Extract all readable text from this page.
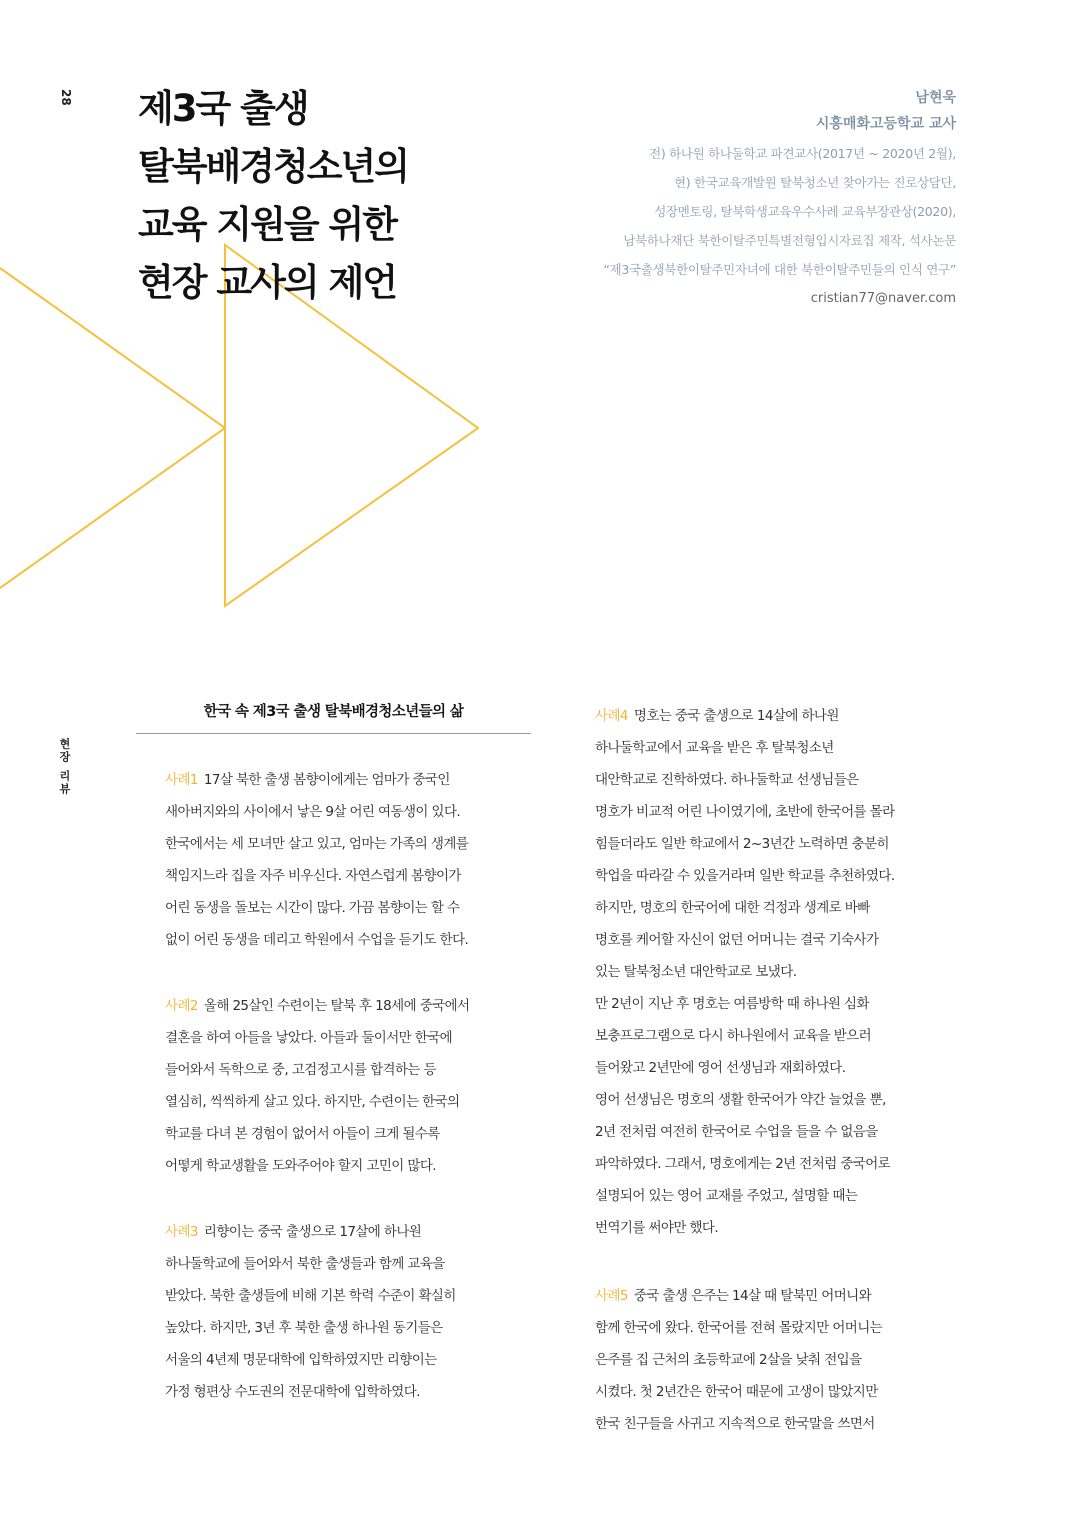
28
현장 리뷰
제3국 출생
탈북배경청소년의
교육 지원을 위한
현장 교사의 제언
남현욱
시흥매화고등학교 교사
전) 하나원 하나둘학교 파견교사(2017년 ~ 2020년 2월),
현) 한국교육개발원 탈북청소년 찾아가는 진로상담단,
성장멘토링, 탈북학생교육우수사례 교육부장관상(2020),
남북하나재단 북한이탈주민특별전형입시자료집 제작, 석사논문
“제3국출생북한이탈주민자녀에 대한 북한이탈주민들의 인식 연구”
cristian77@naver.com
한국 속 제3국 출생 탈북배경청소년들의 삶
사례1 17살 북한 출생 봄향이에게는 엄마가 중국인
새아버지와의 사이에서 낳은 9살 어린 여동생이 있다.
한국에서는 세 모녀만 살고 있고, 엄마는 가족의 생계를
책임지느라 집을 자주 비우신다. 자연스럽게 봄향이가
어린 동생을 돌보는 시간이 많다. 가끔 봄향이는 할 수
없이 어린 동생을 데리고 학원에서 수업을 듣기도 한다.
사례2 올해 25살인 수련이는 탈북 후 18세에 중국에서
결혼을 하여 아들을 낳았다. 아들과 둘이서만 한국에
들어와서 독학으로 중, 고검정고시를 합격하는 등
열심히, 씩씩하게 살고 있다. 하지만, 수련이는 한국의
학교를 다녀 본 경험이 없어서 아들이 크게 될수록
어떻게 학교생활을 도와주어야 할지 고민이 많다.
사례3 리향이는 중국 출생으로 17살에 하나원
하나둘학교에 들어와서 북한 출생들과 함께 교육을
받았다. 북한 출생들에 비해 기본 학력 수준이 확실히
높았다. 하지만, 3년 후 북한 출생 하나원 동기들은
서울의 4년제 명문대학에 입학하였지만 리향이는
가정 형편상 수도권의 전문대학에 입학하였다.
사례4 명호는 중국 출생으로 14살에 하나원
하나둘학교에서 교육을 받은 후 탈북청소년
대안학교로 진학하였다. 하나둘학교 선생님들은
명호가 비교적 어린 나이였기에, 초반에 한국어를 몰라
힘들더라도 일반 학교에서 2~3년간 노력하면 충분히
학업을 따라갈 수 있을거라며 일반 학교를 추천하였다.
하지만, 명호의 한국어에 대한 걱정과 생계로 바빠
명호를 케어할 자신이 없던 어머니는 결국 기숙사가
있는 탈북청소년 대안학교로 보냈다.
만 2년이 지난 후 명호는 여름방학 때 하나원 심화
보충프로그램으로 다시 하나원에서 교육을 받으러
들어왔고 2년만에 영어 선생님과 재회하였다.
영어 선생님은 명호의 생활 한국어가 약간 늘었을 뿐,
2년 전처럼 여전히 한국어로 수업을 들을 수 없음을
파악하였다. 그래서, 명호에게는 2년 전처럼 중국어로
설명되어 있는 영어 교재를 주었고, 설명할 때는
번역기를 써야만 했다.
사례5 중국 출생 은주는 14살 때 탈북민 어머니와
함께 한국에 왔다. 한국어를 전혀 몰랐지만 어머니는
은주를 집 근처의 초등학교에 2살을 낮춰 전입을
시켰다. 첫 2년간은 한국어 때문에 고생이 많았지만
한국 친구들을 사귀고 지속적으로 한국말을 쓰면서
